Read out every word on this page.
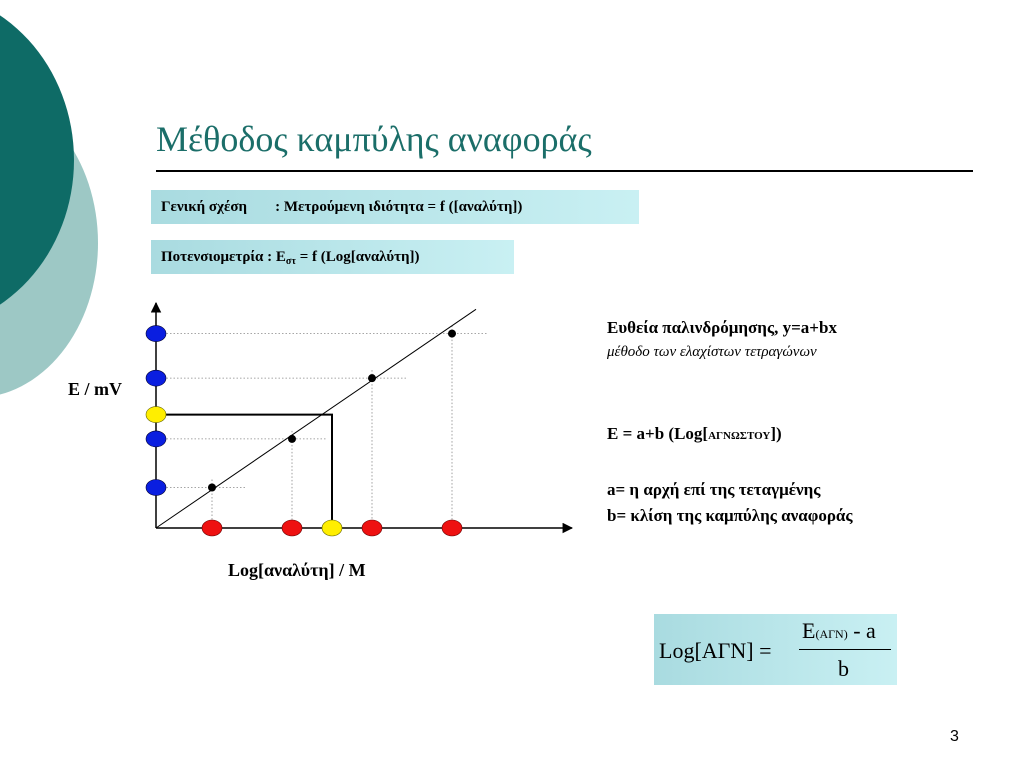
Μέθοδος καμπύλης αναφοράς
Γενική σχέση : Μετρούμενη ιδιότητα = f ([αναλύτη])
Ποτενσιομετρία : $E_{\sigma\tau} = f$ (Log[αναλύτη])
E / mV
Log[αναλύτη] / M
Ευθεία παλινδρόμησης, y=a+bx
μέθοδο των ελαχίστων τετραγώνων
E = a+b (Log[ΑΓΝΩΣΤΟΥ])
a= η αρχή επί της τεταγμένης
b= κλίση της καμπύλης αναφοράς
Log[ΑΓΝ] =
E(ΑΓΝ) - a
b
3
